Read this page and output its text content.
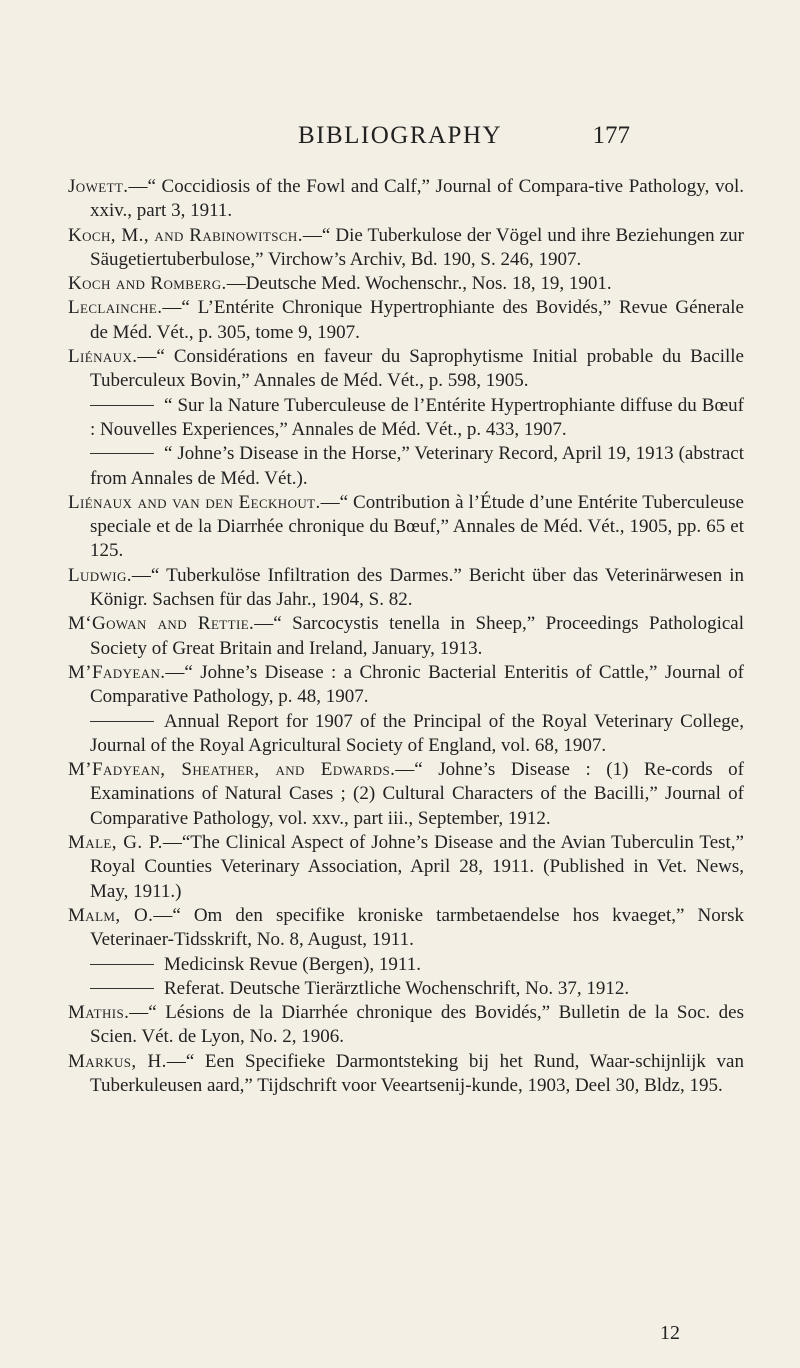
BIBLIOGRAPHY	177

Jowett.—“ Coccidiosis of the Fowl and Calf,” Journal of Compara-tive Pathology, vol. xxiv., part 3, 1911.

Koch, M., and Rabinowitsch.—“ Die Tuberkulose der Vögel und ihre Beziehungen zur Säugetiertuberbulose,” Virchow’s Archiv, Bd. 190, S. 246, 1907.

Koch and Romberg.—Deutsche Med. Wochenschr., Nos. 18, 19, 1901.

Leclainche.—“ L’Entérite Chronique Hypertrophiante des Bovidés,” Revue Génerale de Méd. Vét., p. 305, tome 9, 1907.

Liénaux.—“ Considérations en faveur du Saprophytisme Initial probable du Bacille Tuberculeux Bovin,” Annales de Méd. Vét., p. 598, 1905.

“ Sur la Nature Tuberculeuse de l’Entérite Hypertrophiante diffuse du Bœuf : Nouvelles Experiences,” Annales de Méd. Vét., p. 433, 1907.

“ Johne’s Disease in the Horse,” Veterinary Record, April 19, 1913 (abstract from Annales de Méd. Vét.).

Liénaux and van den Eeckhout.—“ Contribution à l’Étude d’une Entérite Tuberculeuse speciale et de la Diarrhée chronique du Bœuf,” Annales de Méd. Vét., 1905, pp. 65 et 125.

Ludwig.—“ Tuberkulöse Infiltration des Darmes.” Bericht über das Veterinärwesen in Königr. Sachsen für das Jahr., 1904, S. 82.

M‘Gowan and Rettie.—“ Sarcocystis tenella in Sheep,” Proceedings Pathological Society of Great Britain and Ireland, January, 1913.

M’Fadyean.—“ Johne’s Disease : a Chronic Bacterial Enteritis of Cattle,” Journal of Comparative Pathology, p. 48, 1907.

Annual Report for 1907 of the Principal of the Royal Veterinary College, Journal of the Royal Agricultural Society of England, vol. 68, 1907.

M’Fadyean, Sheather, and Edwards.—“ Johne’s Disease : (1) Re-cords of Examinations of Natural Cases ; (2) Cultural Characters of the Bacilli,” Journal of Comparative Pathology, vol. xxv., part iii., September, 1912.

Male, G. P.—“The Clinical Aspect of Johne’s Disease and the Avian Tuberculin Test,” Royal Counties Veterinary Association, April 28, 1911. (Published in Vet. News, May, 1911.)

Malm, O.—“ Om den specifike kroniske tarmbetaendelse hos kvaeget,” Norsk Veterinaer-Tidsskrift, No. 8, August, 1911.

Medicinsk Revue (Bergen), 1911.

Referat. Deutsche Tierärztliche Wochenschrift, No. 37, 1912.

Mathis.—“ Lésions de la Diarrhée chronique des Bovidés,” Bulletin de la Soc. des Scien. Vét. de Lyon, No. 2, 1906.

Markus, H.—“ Een Specifieke Darmontsteking bij het Rund, Waar-schijnlijk van Tuberkuleusen aard,” Tijdschrift voor Veeartsenij-kunde, 1903, Deel 30, Bldz, 195.

12
